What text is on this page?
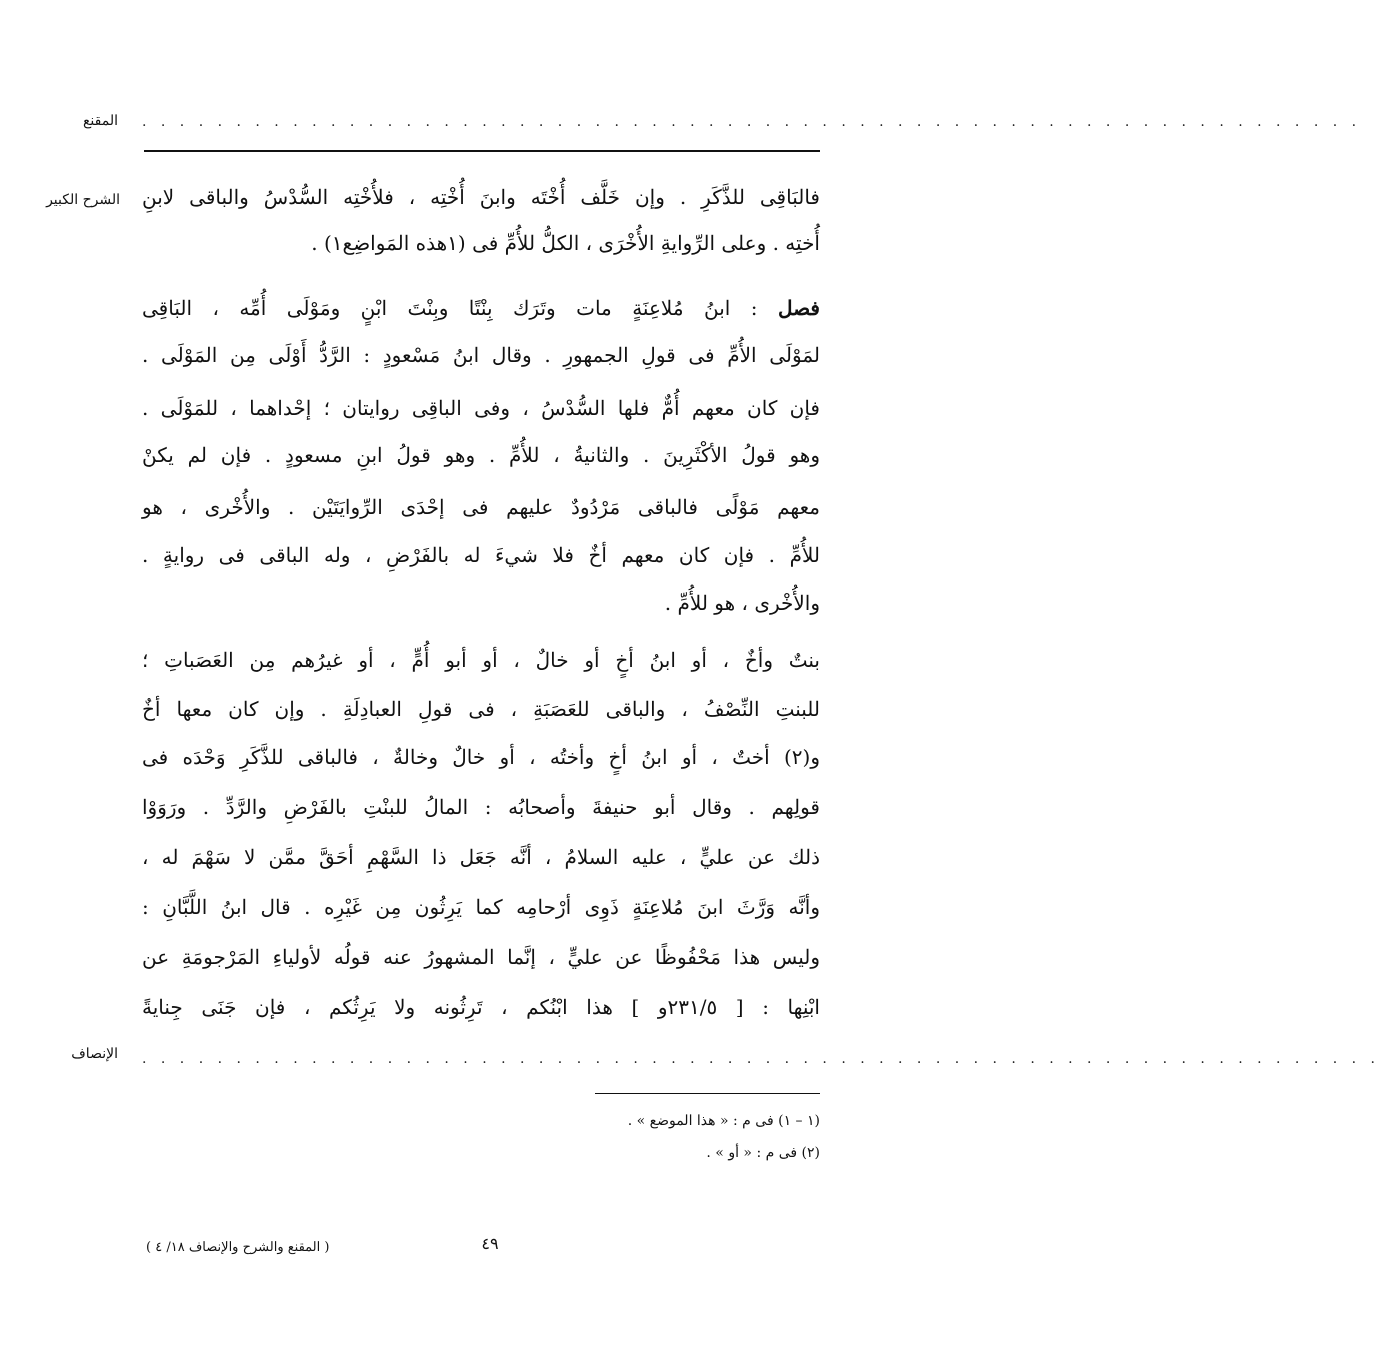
المقنع . . . . . . . . . . . . . . . . . . . . . . . . . . . . . . . . . . . . . . . . . . . . . . . . . . . . . . . . . . . . . . . . .
الشرح الكبير فالبَاقِى للذَّكَرِ . وإن خَلَّف أُخْتَه وابنَ أُخْتِه ، فلأُخْتِه السُّدْسُ والباقى لابنِ
أُختِه . وعلى الرِّوايةِ الأُخْرَى ، الكلُّ للأُمِّ فى (١هذه المَواضِع١) .
فصل : ابنُ مُلاعِنَةٍ مات وتَرَك بِنْتًا وبِنْتَ ابْنٍ ومَوْلَى أُمِّه ، البَاقِى
لمَوْلَى الأُمِّ فى قولِ الجمهورِ . وقال ابنُ مَسْعودٍ : الرَّدُّ أَوْلَى مِن المَوْلَى .
فإن كان معهم أُمٌّ فلها السُّدْسُ ، وفى الباقِى روايتان ؛ إحْداهما ، للمَوْلَى .
وهو قولُ الأكْثَرِينَ . والثانيةُ ، للأُمِّ . وهو قولُ ابنِ مسعودٍ . فإن لم يكنْ
معهم مَوْلًى فالباقى مَرْدُودٌ عليهم فى إحْدَى الرِّوايَتَيْن . والأُخْرى ، هو
للأُمِّ . فإن كان معهم أخٌ فلا شيءَ له بالفَرْضِ ، وله الباقى فى روايةٍ .
والأُخْرى ، هو للأُمِّ .
بنتٌ وأخٌ ، أو ابنُ أخٍ أو خالٌ ، أو أبو أُمٍّ ، أو غيرُهم مِن العَصَباتِ ؛
للبنتِ النِّصْفُ ، والباقى للعَصَبَةِ ، فى قولِ العبادِلَةِ . وإن كان معها أخٌ
و(٢) أختٌ ، أو ابنُ أخٍ وأختُه ، أو خالٌ وخالةٌ ، فالباقى للذَّكَرِ وَحْدَه فى
قولِهم . وقال أبو حنيفةَ وأصحابُه : المالُ للبنْتِ بالفَرْضِ والرَّدِّ . ورَوَوْا
ذلك عن عليٍّ ، عليه السلامُ ، أنَّه جَعَل ذا السَّهْمِ أحَقَّ ممَّن لا سَهْمَ له ،
وأنَّه وَرَّثَ ابنَ مُلاعِنَةٍ ذَوِى أرْحامِه كما يَرِثُون مِن غَيْرِه . قال ابنُ اللَّبَّانِ :
وليس هذا مَحْفُوظًا عن عليٍّ ، إنَّما المشهورُ عنه قولُه لأولياءِ المَرْجومَةِ عن
ابْنِها : [ ٢٣١/٥و ] هذا ابْنُكم ، تَرِثُونه ولا يَرِثُكم ، فإن جَنَى جِنايةً
الإنصاف . . . . . . . . . . . . . . . . . . . . . . . . . . . . . . . . . . . . . . . . . . . . . . . . . . . . . . . . . . . . . . . . . .
(١ – ١) فى م : « هذا الموضع » .
(٢) فى م : « أو » .
٤٩
( المقنع والشرح والإنصاف ١٨/ ٤ )
